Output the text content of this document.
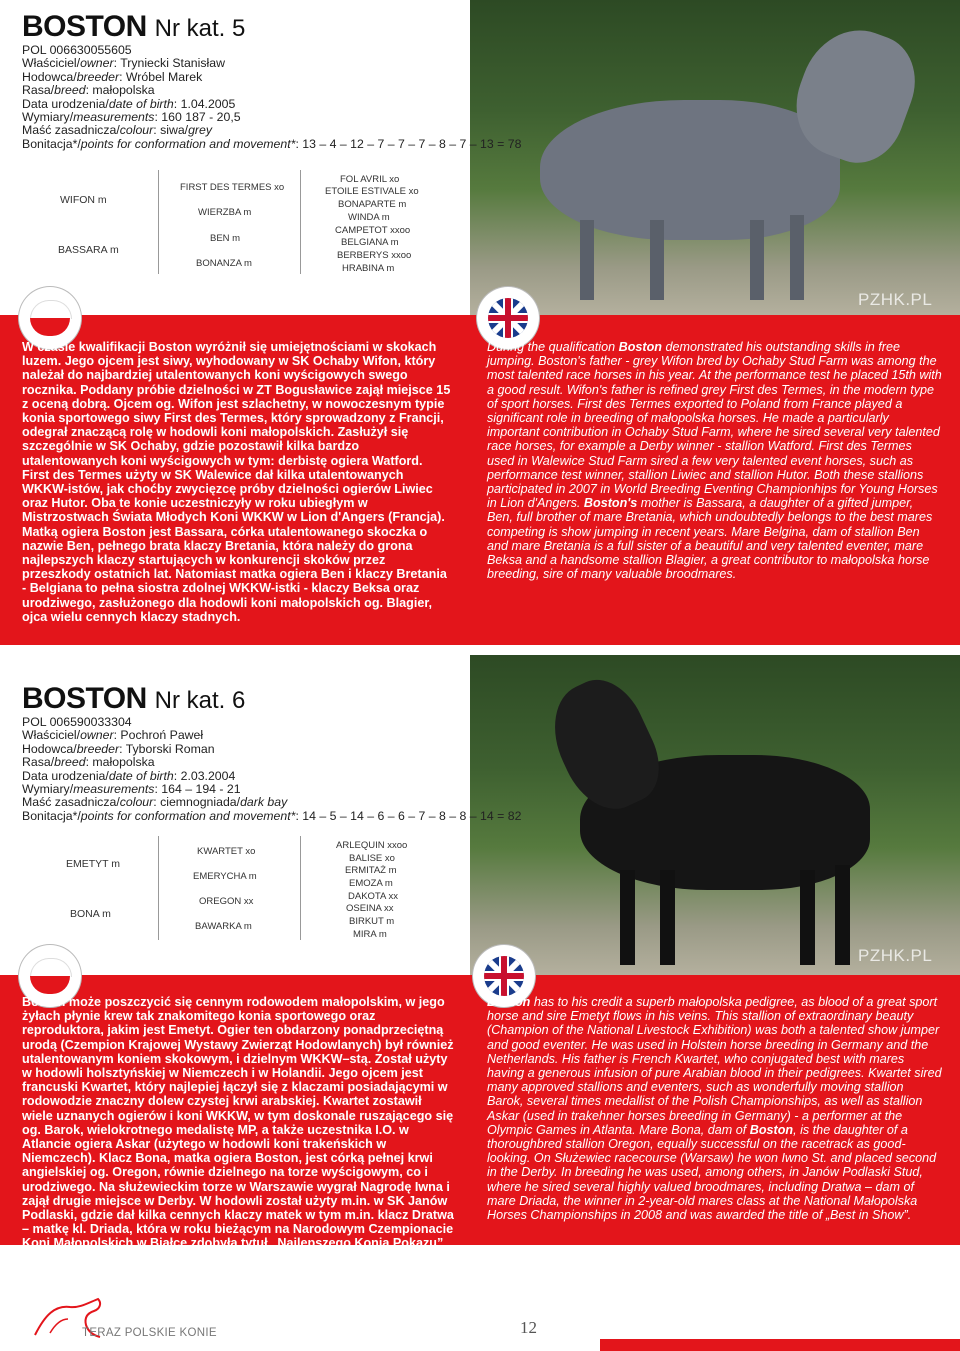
BOSTON Nr kat. 5
POL 006630055605
Właściciel/owner: Tryniecki Stanisław
Hodowca/breeder: Wróbel Marek
Rasa/breed: małopolska
Data urodzenia/date of birth: 1.04.2005
Wymiary/measurements: 160 187 - 20,5
Maść zasadnicza/colour: siwa/grey
Bonitacja*/points for conformation and movement*: 13 – 4 – 12 – 7 – 7 – 7 – 8 – 7 – 13 = 78
WIFON m
BASSARA m
FIRST DES TERMES xo
WIERZBA m
BEN m
BONANZA m
FOL AVRIL xo
ETOILE ESTIVALE xo
BONAPARTE m
WINDA m
CAMPETOT xxoo
BELGIANA m
BERBERYS xxoo
HRABINA m
PZHK.PL
W czasie kwalifikacji Boston wyróżnił się umiejętnościami w skokach luzem. Jego ojcem jest siwy, wyhodowany w SK Ochaby Wifon, który należał do najbardziej utalentowanych koni wyścigowych swego rocznika. Poddany próbie dzielności w ZT Bogusławice zajął miejsce 15 z oceną dobrą. Ojcem og. Wifon jest szlachetny, w nowoczesnym typie konia sportowego siwy First des Termes, który sprowadzony z Francji, odegrał znaczącą rolę w hodowli koni małopolskich. Zasłużył się szczególnie w SK Ochaby, gdzie pozostawił kilka bardzo utalentowanych koni wyścigowych w tym: derbistę ogiera Watford. First des Termes użyty w SK Walewice dał kilka utalentowanych WKKW-istów, jak choćby zwycięzcę próby dzielności ogierów Liwiec oraz Hutor. Oba te konie uczestniczyły w roku ubiegłym w Mistrzostwach Świata Młodych Koni WKKW w Lion d'Angers (Francja). Matką ogiera Boston jest Bassara, córka utalentowanego skoczka o nazwie Ben, pełnego brata klaczy Bretania, która należy do grona najlepszych klaczy startujących w konkurencji skoków przez przeszkody ostatnich lat. Natomiast matka ogiera Ben i klaczy Bretania - Belgiana to pełna siostra zdolnej WKKW-istki - klaczy Beksa oraz urodziwego, zasłużonego dla hodowli koni małopolskich og. Blagier, ojca wielu cennych klaczy stadnych.
During the qualification Boston demonstrated his outstanding skills in free jumping. Boston's father - grey Wifon bred by Ochaby Stud Farm was among the most talented race horses in his year. At the performance test he placed 15th with a good result. Wifon's father is refined grey First des Termes, in the modern type of sport horses. First des Termes exported to Poland from France played a significant role in breeding of małopolska horses. He made a particularly important contribution in Ochaby Stud Farm, where he sired several very talented race horses, for example a Derby winner - stallion Watford. First des Termes used in Walewice Stud Farm sired a few very talented event horses, such as performance test winner, stallion Liwiec and stallion Hutor. Both these stallions participated in 2007 in World Breeding Eventing Championhips for Young Horses in Lion d'Angers. Boston's mother is Bassara, a daughter of a gifted jumper, Ben, full brother of mare Bretania, which undoubtedly belongs to the best mares competing is show jumping in recent years. Mare Belgina, dam of stallion Ben and mare Bretania is a full sister of a beautiful and very talented eventer, mare Beksa and a handsome stallion Blagier, a great contributor to małopolska horse breeding, sire of many valuable broodmares.
BOSTON Nr kat. 6
POL 006590033304
Właściciel/owner: Pochroń Paweł
Hodowca/breeder: Tyborski Roman
Rasa/breed: małopolska
Data urodzenia/date of birth: 2.03.2004
Wymiary/measurements: 164 – 194 - 21
Maść zasadnicza/colour: ciemnogniada/dark bay
Bonitacja*/points for conformation and movement*: 14 – 5 – 14 – 6 – 6 – 7 – 8 – 8 – 14 = 82
EMETYT m
BONA m
KWARTET xo
EMERYCHA m
OREGON xx
BAWARKA m
ARLEQUIN xxoo
BALISE xo
ERMITAŻ m
EMOZA m
DAKOTA xx
OSEINA xx
BIRKUT m
MIRA m
PZHK.PL
Boston może poszczycić się cennym rodowodem małopolskim, w jego żyłach płynie krew tak znakomitego konia sportowego oraz reproduktora, jakim jest Emetyt. Ogier ten obdarzony ponadprzeciętną urodą (Czempion Krajowej Wystawy Zwierząt Hodowlanych) był również utalentowanym koniem skokowym, i dzielnym WKKW–stą. Został użyty w hodowli holsztyńskiej w Niemczech i w Holandii. Jego ojcem jest francuski Kwartet, który najlepiej łączył się z klaczami posiadającymi w rodowodzie znaczny dolew czystej krwi arabskiej. Kwartet zostawił wiele uznanych ogierów i koni WKKW, w tym doskonale ruszającego się og. Barok, wielokrotnego medalistę MP, a także uczestnika I.O. w Atlancie ogiera Askar (użytego w hodowli koni trakeńskich w Niemczech). Klacz Bona, matka ogiera Boston, jest córką pełnej krwi angielskiej og. Oregon, równie dzielnego na torze wyścigowym, co i urodziwego. Na służewieckim torze w Warszawie wygrał Nagrodę Iwna i zajął drugie miejsce w Derby. W hodowli został użyty m.in. w SK Janów Podlaski, gdzie dał kilka cennych klaczy matek w tym m.in. klacz Dratwa – matkę kl. Driada, która w roku bieżącym na Narodowym Czempionacie Koni Małopolskich w Białce zdobyła tytuł „Najlepszego Konia Pokazu” (Best in Show) oraz wygrała klasę klaczek dwuletnich.
Boston has to his credit a superb małopolska pedigree, as blood of a great sport horse and sire Emetyt flows in his veins. This stallion of extraordinary beauty (Champion of the National Livestock Exhibition) was both a talented show jumper and good eventer. He was used in Holstein horse breeding in Germany and the Netherlands. His father is French Kwartet, who conjugated best with mares having a generous infusion of pure Arabian blood in their pedigrees. Kwartet sired many approved stallions and eventers, such as wonderfully moving stallion Barok, several times medallist of the Polish Championships, as well as stallion Askar (used in trakehner horses breeding in Germany) - a performer at the Olympic Games in Atlanta. Mare Bona, dam of Boston, is the daughter of a thoroughbred stallion Oregon, equally successful on the racetrack as good-looking. On Służewiec racecourse (Warsaw) he won Iwno St. and placed second in the Derby. In breeding he was used, among others, in Janów Podlaski Stud, where he sired several highly valued broodmares, including Dratwa – dam of mare Driada, the winner in 2-year-old mares class at the National Małopolska Horses Championships in 2008 and was awarded the title of „Best in Show”.
TERAZ POLSKIE KONIE	12
